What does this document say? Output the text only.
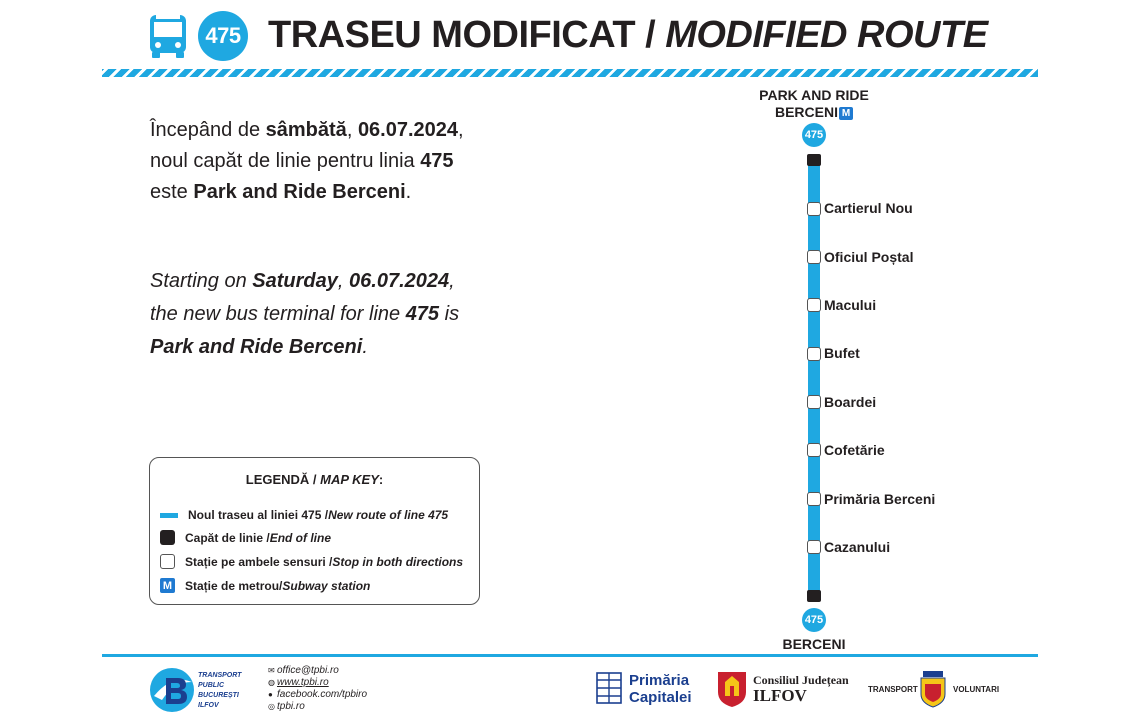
475 TRASEU MODIFICAT / MODIFIED ROUTE
Începând de sâmbătă, 06.07.2024,
noul capăt de linie pentru linia 475
este Park and Ride Berceni.
Starting on Saturday, 06.07.2024,
the new bus terminal for line 475 is
Park and Ride Berceni.
LEGENDĂ / MAP KEY:
Noul traseu al liniei 475 / New route of line 475
Capăt de linie / End of line
Stație pe ambele sensuri / Stop in both directions
M Stație de metrou/ Subway station
PARK AND RIDE
BERCENI M
475
Cartierul Nou
Oficiul Poștal
Macului
Bufet
Boardei
Cofetărie
Primăria Berceni
Cazanului
475
BERCENI
TRANSPORT
PUBLIC
BUCUREȘTI
ILFOV
✉ office@tpbi.ro
◍ www.tpbi.ro
● facebook.com/tpbiro
◎ tpbi.ro
Primăria
Capitalei
Consiliul Județean
ILFOV	TRANSPORT	VOLUNTARI
